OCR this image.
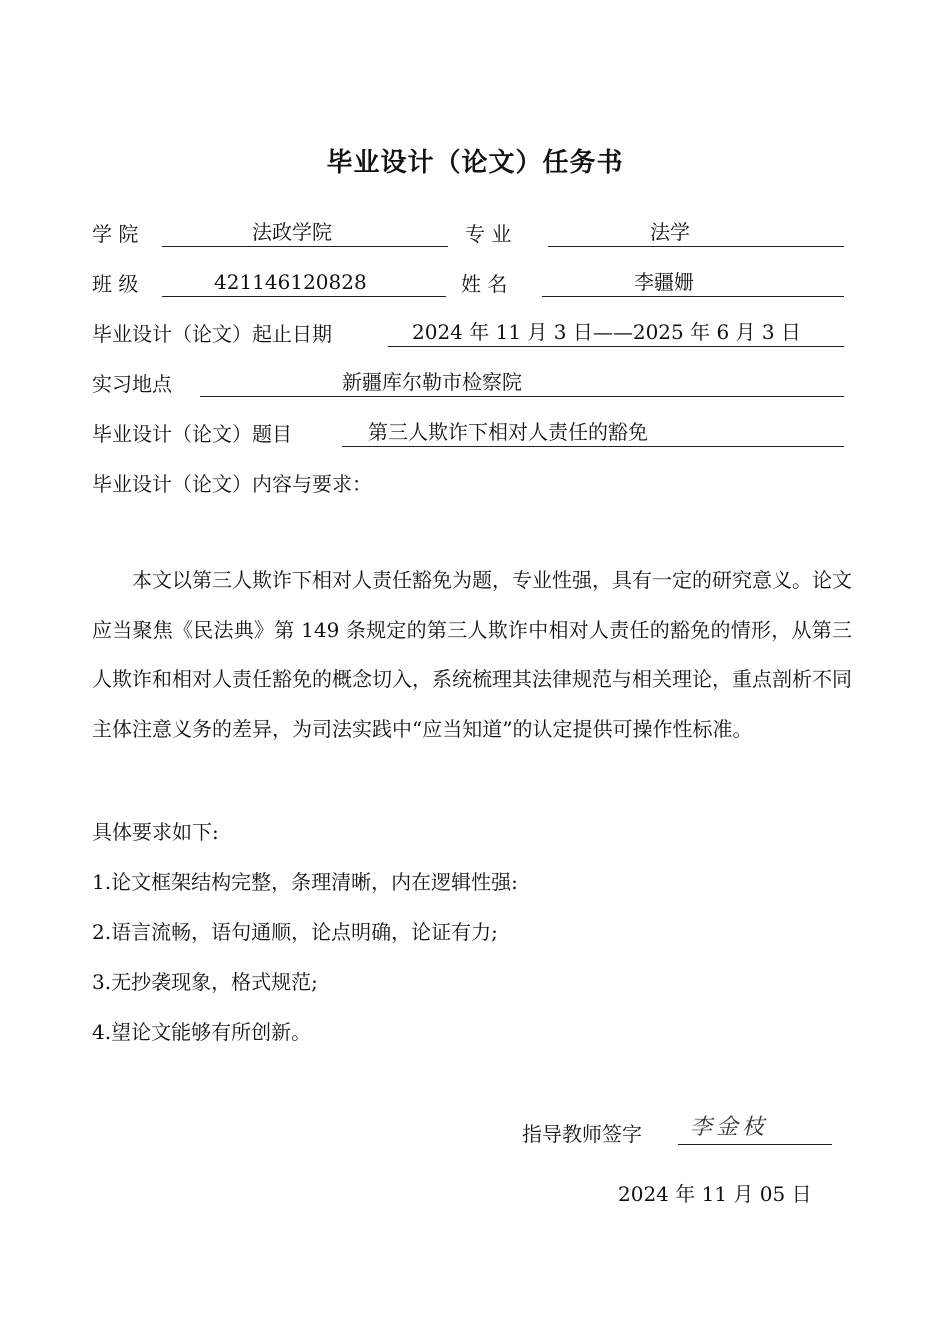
毕业设计（论文）任务书
学 院	法政学院	专 业	法学
班 级	421146120828	姓 名	李疆姗
毕业设计（论文）起止日期	2024 年 11 月 3 日——2025 年 6 月 3 日
实习地点	新疆库尔勒市检察院
毕业设计（论文）题目	第三人欺诈下相对人责任的豁免
毕业设计（论文）内容与要求：
本文以第三人欺诈下相对人责任豁免为题，专业性强，具有一定的研究意义。论文应当聚焦《民法典》第 149 条规定的第三人欺诈中相对人责任的豁免的情形，从第三人欺诈和相对人责任豁免的概念切入，系统梳理其法律规范与相关理论，重点剖析不同主体注意义务的差异，为司法实践中“应当知道”的认定提供可操作性标准。
具体要求如下:
1.论文框架结构完整，条理清晰，内在逻辑性强:
2.语言流畅，语句通顺，论点明确，论证有力;
3.无抄袭现象，格式规范;
4.望论文能够有所创新。
指导教师签字 李金枝
2024 年 11 月 05 日
